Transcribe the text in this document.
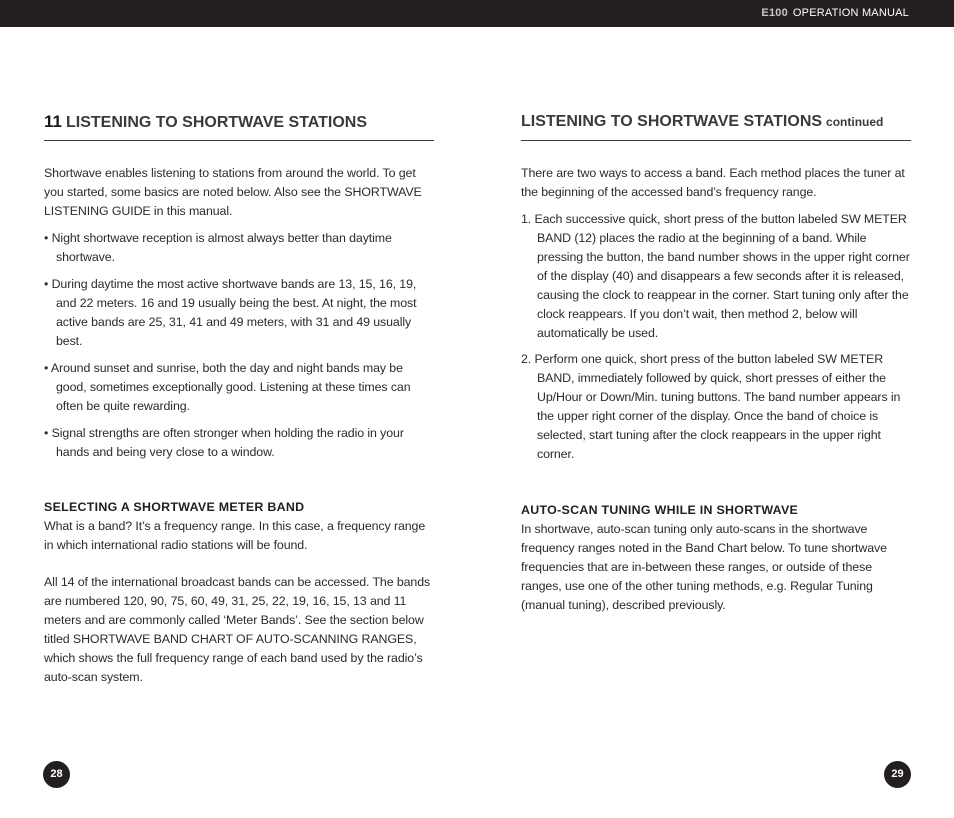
E100 OPERATION MANUAL
11 LISTENING TO SHORTWAVE STATIONS

Shortwave enables listening to stations from around the world. To get you started, some basics are noted below. Also see the SHORTWAVE LISTENING GUIDE in this manual.

• Night shortwave reception is almost always better than daytime shortwave.
• During daytime the most active shortwave bands are 13, 15, 16, 19, and 22 meters. 16 and 19 usually being the best. At night, the most active bands are 25, 31, 41 and 49 meters, with 31 and 49 usually best.
• Around sunset and sunrise, both the day and night bands may be good, sometimes exceptionally good. Listening at these times can often be quite rewarding.
• Signal strengths are often stronger when holding the radio in your hands and being very close to a window.
SELECTING A SHORTWAVE METER BAND

What is a band? It’s a frequency range. In this case, a frequency range in which international radio stations will be found.

All 14 of the international broadcast bands can be accessed. The bands are numbered 120, 90, 75, 60, 49, 31, 25, 22, 19, 16, 15, 13 and 11 meters and are commonly called ‘Meter Bands’. See the section below titled SHORTWAVE BAND CHART OF AUTO-SCANNING RANGES, which shows the full frequency range of each band used by the radio’s auto-scan system.

LISTENING TO SHORTWAVE STATIONS continued

There are two ways to access a band. Each method places the tuner at the beginning of the accessed band’s frequency range.

1. Each successive quick, short press of the button labeled SW METER BAND (12) places the radio at the beginning of a band. While pressing the button, the band number shows in the upper right corner of the display (40) and disappears a few seconds after it is released, causing the clock to reappear in the corner. Start tuning only after the clock reappears. If you don’t wait, then method 2, below will automatically be used.
2. Perform one quick, short press of the button labeled SW METER BAND, immediately followed by quick, short presses of either the Up/Hour or Down/Min. tuning buttons. The band number appears in the upper right corner of the display. Once the band of choice is selected, start tuning after the clock reappears in the upper right corner.
AUTO-SCAN TUNING WHILE IN SHORTWAVE

In shortwave, auto-scan tuning only auto-scans in the shortwave frequency ranges noted in the Band Chart below. To tune shortwave frequencies that are in-between these ranges, or outside of these ranges, use one of the other tuning methods, e.g. Regular Tuning (manual tuning), described previously.

28	29
